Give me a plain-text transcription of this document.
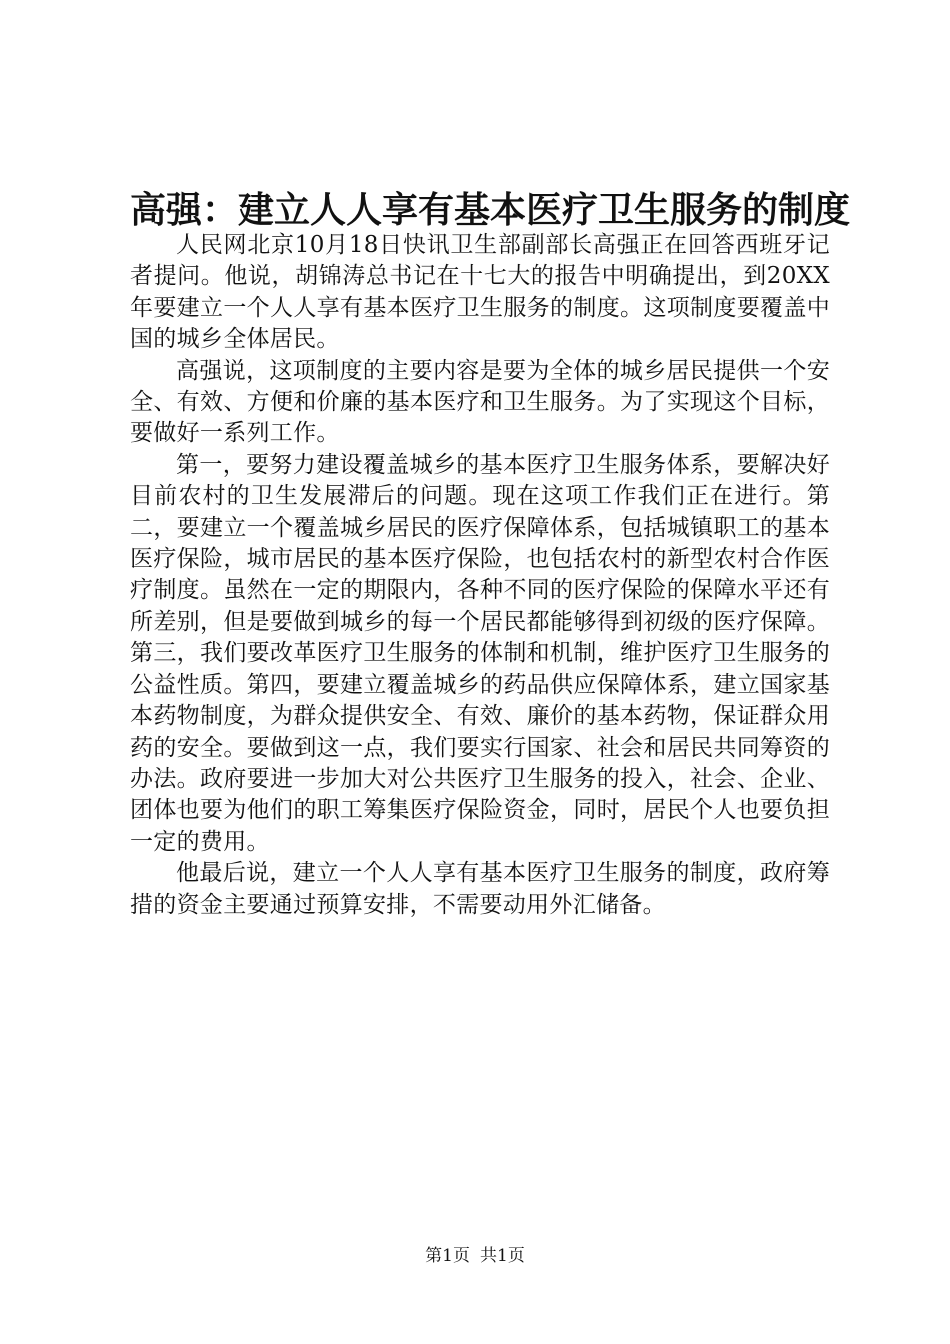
高强：建立人人享有基本医疗卫生服务的制度

人民网北京10月18日快讯卫生部副部长高强正在回答西班牙记者提问。他说，胡锦涛总书记在十七大的报告中明确提出，到20XX年要建立一个人人享有基本医疗卫生服务的制度。这项制度要覆盖中国的城乡全体居民。

高强说，这项制度的主要内容是要为全体的城乡居民提供一个安全、有效、方便和价廉的基本医疗和卫生服务。为了实现这个目标，要做好一系列工作。

第一，要努力建设覆盖城乡的基本医疗卫生服务体系，要解决好目前农村的卫生发展滞后的问题。现在这项工作我们正在进行。第二，要建立一个覆盖城乡居民的医疗保障体系，包括城镇职工的基本医疗保险，城市居民的基本医疗保险，也包括农村的新型农村合作医疗制度。虽然在一定的期限内，各种不同的医疗保险的保障水平还有所差别，但是要做到城乡的每一个居民都能够得到初级的医疗保障。第三，我们要改革医疗卫生服务的体制和机制，维护医疗卫生服务的公益性质。第四，要建立覆盖城乡的药品供应保障体系，建立国家基本药物制度，为群众提供安全、有效、廉价的基本药物，保证群众用药的安全。要做到这一点，我们要实行国家、社会和居民共同筹资的办法。政府要进一步加大对公共医疗卫生服务的投入，社会、企业、团体也要为他们的职工筹集医疗保险资金，同时，居民个人也要负担一定的费用。

他最后说，建立一个人人享有基本医疗卫生服务的制度，政府筹措的资金主要通过预算安排，不需要动用外汇储备。

第1页 共1页
